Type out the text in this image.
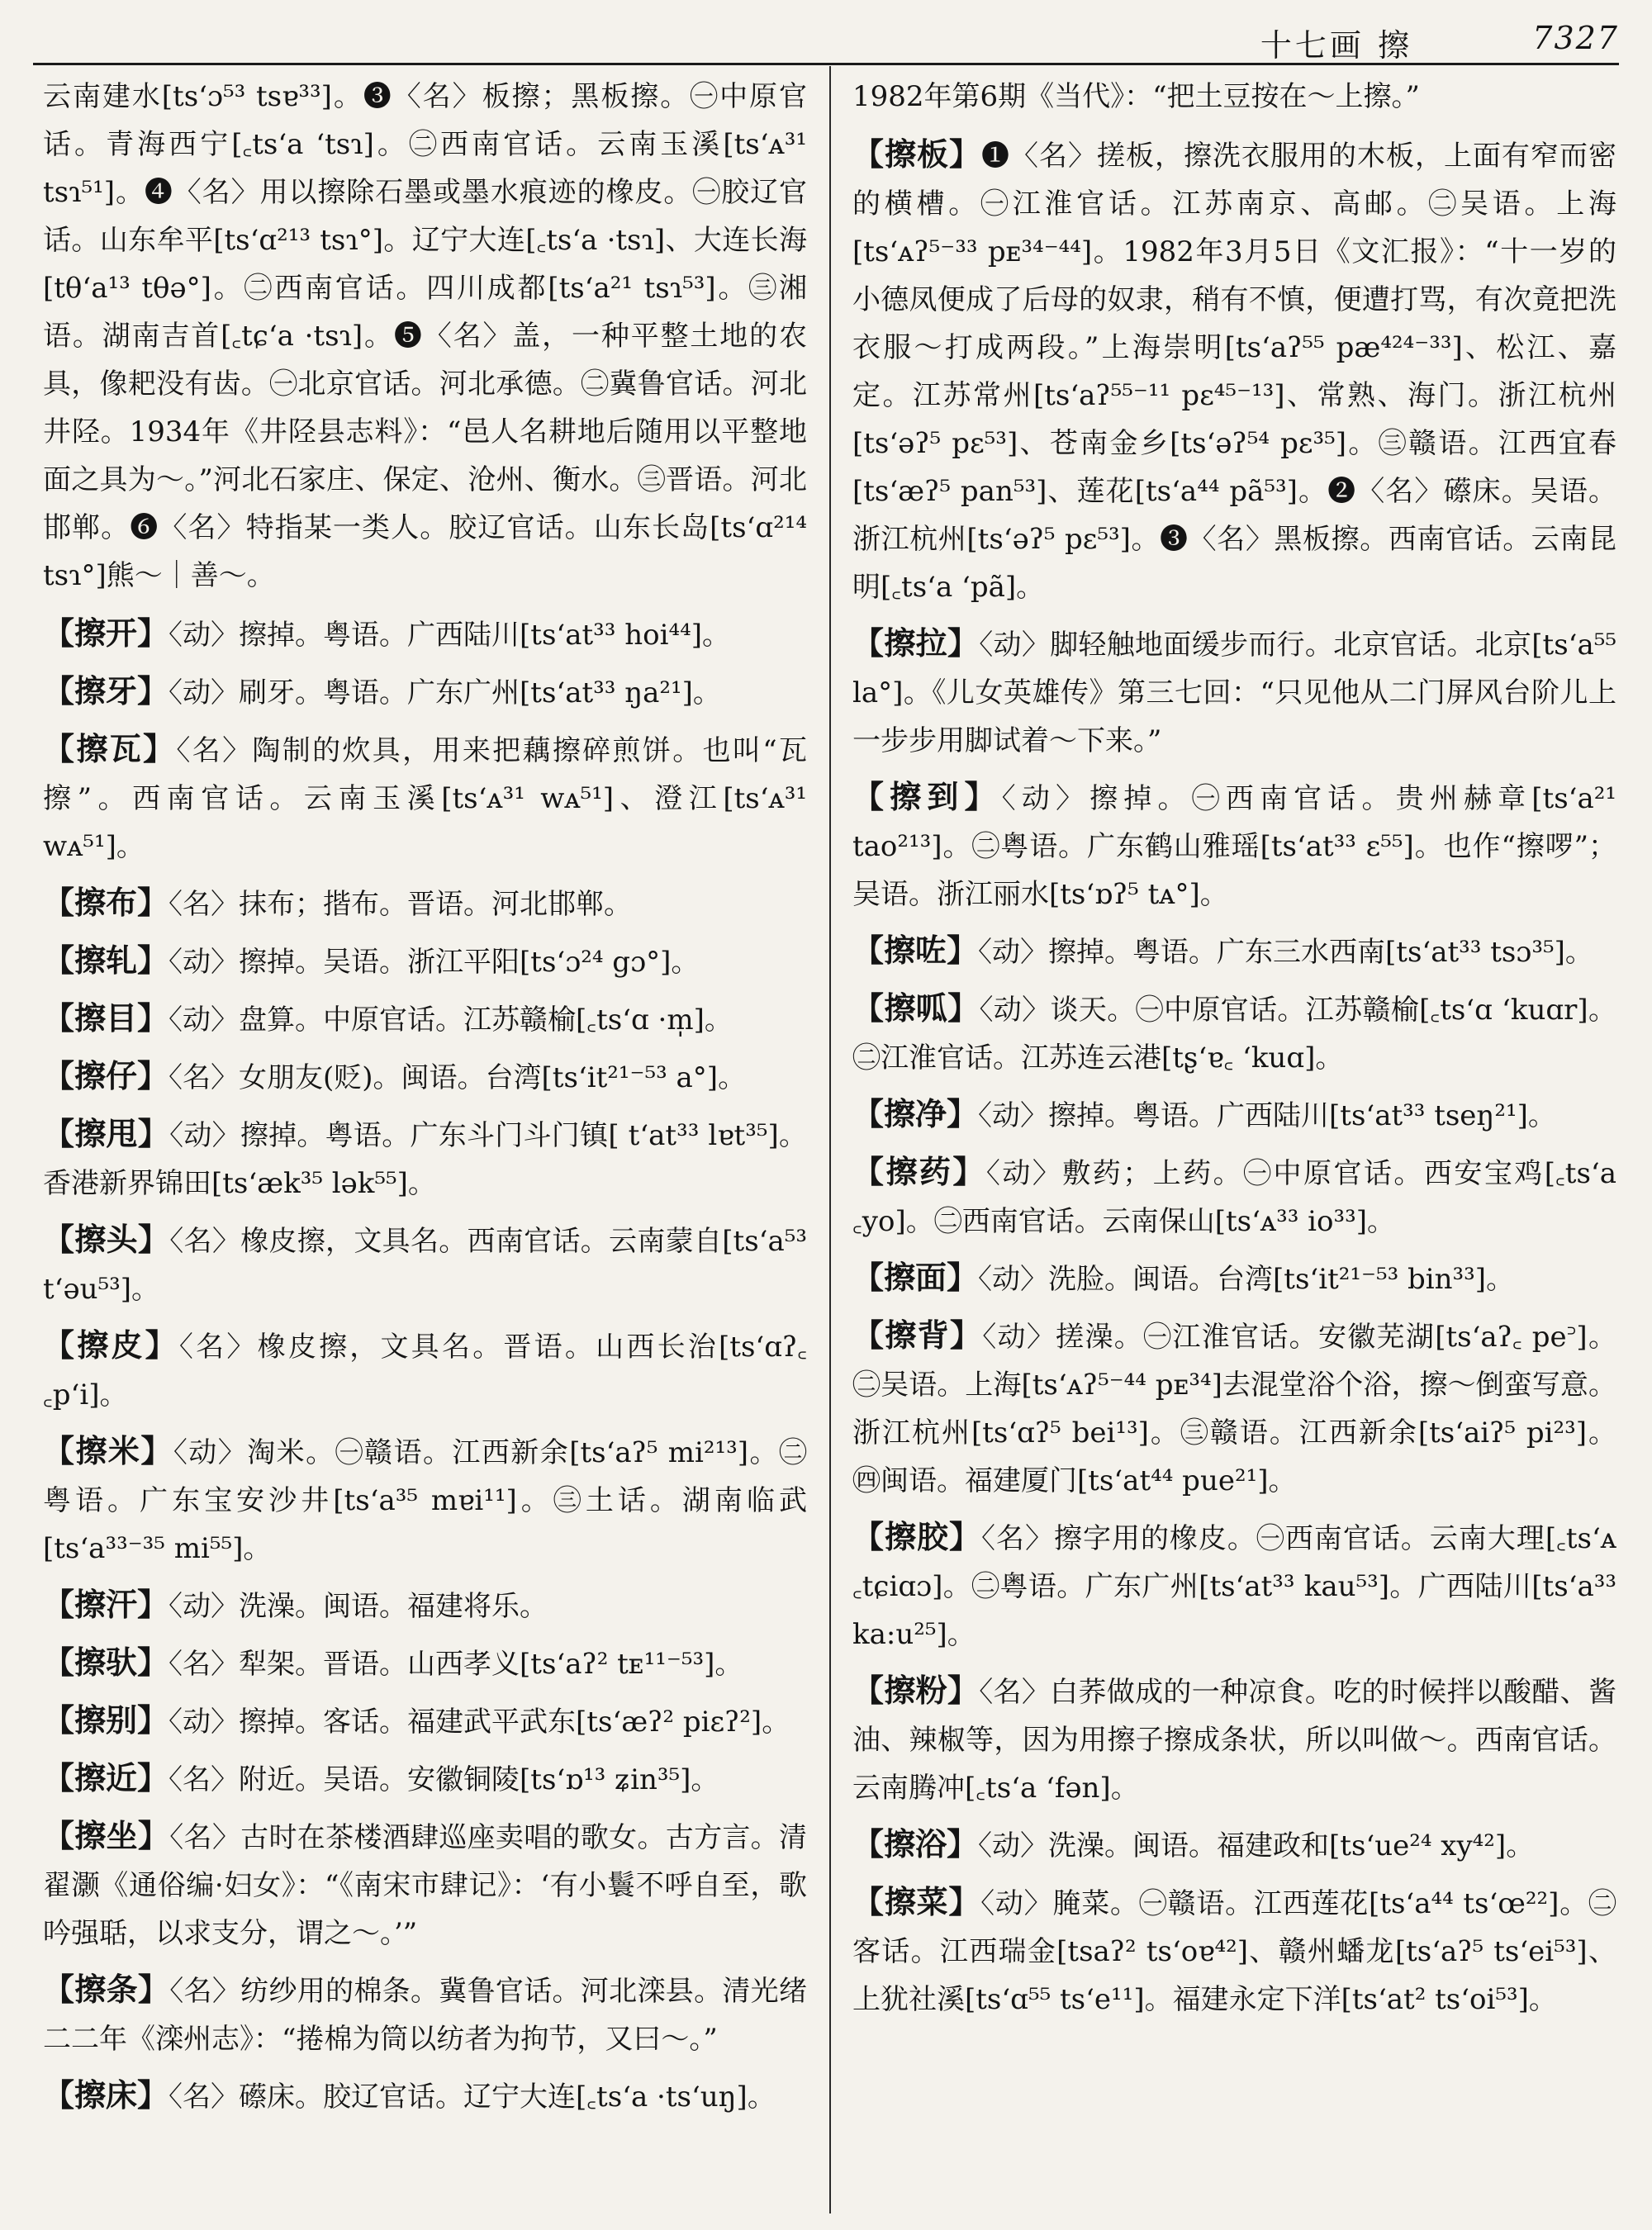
十七画 擦	7327
云南建水[ts‘ɔ⁵³ tsɐ³³]。❸〈名〉板擦；黑板擦。㊀中原官话。青海西宁[꜀ts‘a ‘tsɿ]。㊁西南官话。云南玉溪[ts‘ᴀ³¹ tsɿ⁵¹]。❹〈名〉用以擦除石墨或墨水痕迹的橡皮。㊀胶辽官话。山东牟平[ts‘ɑ²¹³ tsɿ°]。辽宁大连[꜀ts‘a ·tsɿ]、大连长海[tθ‘a¹³ tθə°]。㊁西南官话。四川成都[ts‘a²¹ tsɿ⁵³]。㊂湘语。湖南吉首[꜀tɕ‘a ·tsɿ]。❺〈名〉盖，一种平整土地的农具，像耙没有齿。㊀北京官话。河北承德。㊁冀鲁官话。河北井陉。1934年《井陉县志料》：“邑人名耕地后随用以平整地面之具为～。”河北石家庄、保定、沧州、衡水。㊂晋语。河北邯郸。❻〈名〉特指某一类人。胶辽官话。山东长岛[ts‘ɑ²¹⁴ tsɿ°]熊～｜善～。
【擦开】〈动〉擦掉。粤语。广西陆川[ts‘at³³ hoi⁴⁴]。
【擦牙】〈动〉刷牙。粤语。广东广州[ts‘at³³ ŋa²¹]。
【擦瓦】〈名〉陶制的炊具，用来把藕擦碎煎饼。也叫“瓦擦”。西南官话。云南玉溪[ts‘ᴀ³¹ wᴀ⁵¹]、澄江[ts‘ᴀ³¹ wᴀ⁵¹]。
【擦布】〈名〉抹布；揩布。晋语。河北邯郸。
【擦轧】〈动〉擦掉。吴语。浙江平阳[ts‘ɔ²⁴ gɔ°]。
【擦目】〈动〉盘算。中原官话。江苏赣榆[꜀ts‘ɑ ·m̩]。
【擦仔】〈名〉女朋友(贬)。闽语。台湾[ts‘it²¹⁻⁵³ a°]。
【擦甩】〈动〉擦掉。粤语。广东斗门斗门镇[ t‘at³³ lɐt³⁵]。香港新界锦田[ts‘æk³⁵ lək⁵⁵]。
【擦头】〈名〉橡皮擦，文具名。西南官话。云南蒙自[ts‘a⁵³ t‘əu⁵³]。
【擦皮】〈名〉橡皮擦，文具名。晋语。山西长治[ts‘ɑʔ꜀ ꜀p‘i]。
【擦米】〈动〉淘米。㊀赣语。江西新余[ts‘aʔ⁵ mi²¹³]。㊁粤语。广东宝安沙井[ts‘a³⁵ mɐi¹¹]。㊂土话。湖南临武[ts‘a³³⁻³⁵ mi⁵⁵]。
【擦汗】〈动〉洗澡。闽语。福建将乐。
【擦驮】〈名〉犁架。晋语。山西孝义[ts‘aʔ² tᴇ¹¹⁻⁵³]。
【擦别】〈动〉擦掉。客话。福建武平武东[ts‘æʔ² piɛʔ²]。
【擦近】〈名〉附近。吴语。安徽铜陵[ts‘ɒ¹³ ʑin³⁵]。
【擦坐】〈名〉古时在茶楼酒肆巡座卖唱的歌女。古方言。清翟灏《通俗编·妇女》：“《南宋市肆记》：‘有小鬟不呼自至，歌吟强聒，以求支分，谓之～。’”
【擦条】〈名〉纺纱用的棉条。冀鲁官话。河北滦县。清光绪二二年《滦州志》：“捲棉为筒以纺者为拘节，又曰～。”
【擦床】〈名〉礤床。胶辽官话。辽宁大连[꜀ts‘a ·ts‘uŋ]。
1982年第6期《当代》：“把土豆按在～上擦。”
【擦板】❶〈名〉搓板，擦洗衣服用的木板，上面有窄而密的横槽。㊀江淮官话。江苏南京、高邮。㊁吴语。上海[ts‘ᴀʔ⁵⁻³³ pᴇ³⁴⁻⁴⁴]。1982年3月5日《文汇报》：“十一岁的小德凤便成了后母的奴隶，稍有不慎，便遭打骂，有次竟把洗衣服～打成两段。”上海崇明[ts‘aʔ⁵⁵ pæ⁴²⁴⁻³³]、松江、嘉定。江苏常州[ts‘aʔ⁵⁵⁻¹¹ pɛ⁴⁵⁻¹³]、常熟、海门。浙江杭州[ts‘əʔ⁵ pɛ⁵³]、苍南金乡[ts‘əʔ⁵⁴ pɛ³⁵]。㊂赣语。江西宜春[ts‘æʔ⁵ pan⁵³]、莲花[ts‘a⁴⁴ pã⁵³]。❷〈名〉礤床。吴语。浙江杭州[ts‘əʔ⁵ pɛ⁵³]。❸〈名〉黑板擦。西南官话。云南昆明[꜀ts‘a ‘pã]。
【擦拉】〈动〉脚轻触地面缓步而行。北京官话。北京[ts‘a⁵⁵ la°]。《儿女英雄传》第三七回：“只见他从二门屏风台阶儿上一步步用脚试着～下来。”
【擦到】〈动〉擦掉。㊀西南官话。贵州赫章[ts‘a²¹ tao²¹³]。㊁粤语。广东鹤山雅瑶[ts‘at³³ ɛ⁵⁵]。也作“擦啰”；吴语。浙江丽水[ts‘ɒʔ⁵ tᴀ°]。
【擦咗】〈动〉擦掉。粤语。广东三水西南[ts‘at³³ tsɔ³⁵]。
【擦呱】〈动〉谈天。㊀中原官话。江苏赣榆[꜀ts‘ɑ ‘kuɑr]。㊁江淮官话。江苏连云港[tʂ‘ɐ꜀ ‘kuɑ]。
【擦净】〈动〉擦掉。粤语。广西陆川[ts‘at³³ tseŋ²¹]。
【擦药】〈动〉敷药；上药。㊀中原官话。西安宝鸡[꜀ts‘a ꜀yo]。㊁西南官话。云南保山[ts‘ᴀ³³ io³³]。
【擦面】〈动〉洗脸。闽语。台湾[ts‘it²¹⁻⁵³ bin³³]。
【擦背】〈动〉搓澡。㊀江淮官话。安徽芜湖[ts‘aʔ꜀ pe꜄]。㊁吴语。上海[ts‘ᴀʔ⁵⁻⁴⁴ pᴇ³⁴]去混堂浴个浴，擦～倒蛮写意。浙江杭州[ts‘ɑʔ⁵ bei¹³]。㊂赣语。江西新余[ts‘aiʔ⁵ pi²³]。㊃闽语。福建厦门[ts‘at⁴⁴ pue²¹]。
【擦胶】〈名〉擦字用的橡皮。㊀西南官话。云南大理[꜀ts‘ᴀ ꜀tɕiɑɔ]。㊁粤语。广东广州[ts‘at³³ kau⁵³]。广西陆川[ts‘a³³ ka:u²⁵]。
【擦粉】〈名〉白荞做成的一种凉食。吃的时候拌以酸醋、酱油、辣椒等，因为用擦子擦成条状，所以叫做～。西南官话。云南腾冲[꜀ts‘a ‘fən]。
【擦浴】〈动〉洗澡。闽语。福建政和[ts‘ue²⁴ xy⁴²]。
【擦菜】〈动〉腌菜。㊀赣语。江西莲花[ts‘a⁴⁴ ts‘œ²²]。㊁客话。江西瑞金[tsaʔ² ts‘oɐ⁴²]、赣州蟠龙[ts‘aʔ⁵ ts‘ei⁵³]、上犹社溪[ts‘ɑ⁵⁵ ts‘e¹¹]。福建永定下洋[ts‘at² ts‘oi⁵³]。
